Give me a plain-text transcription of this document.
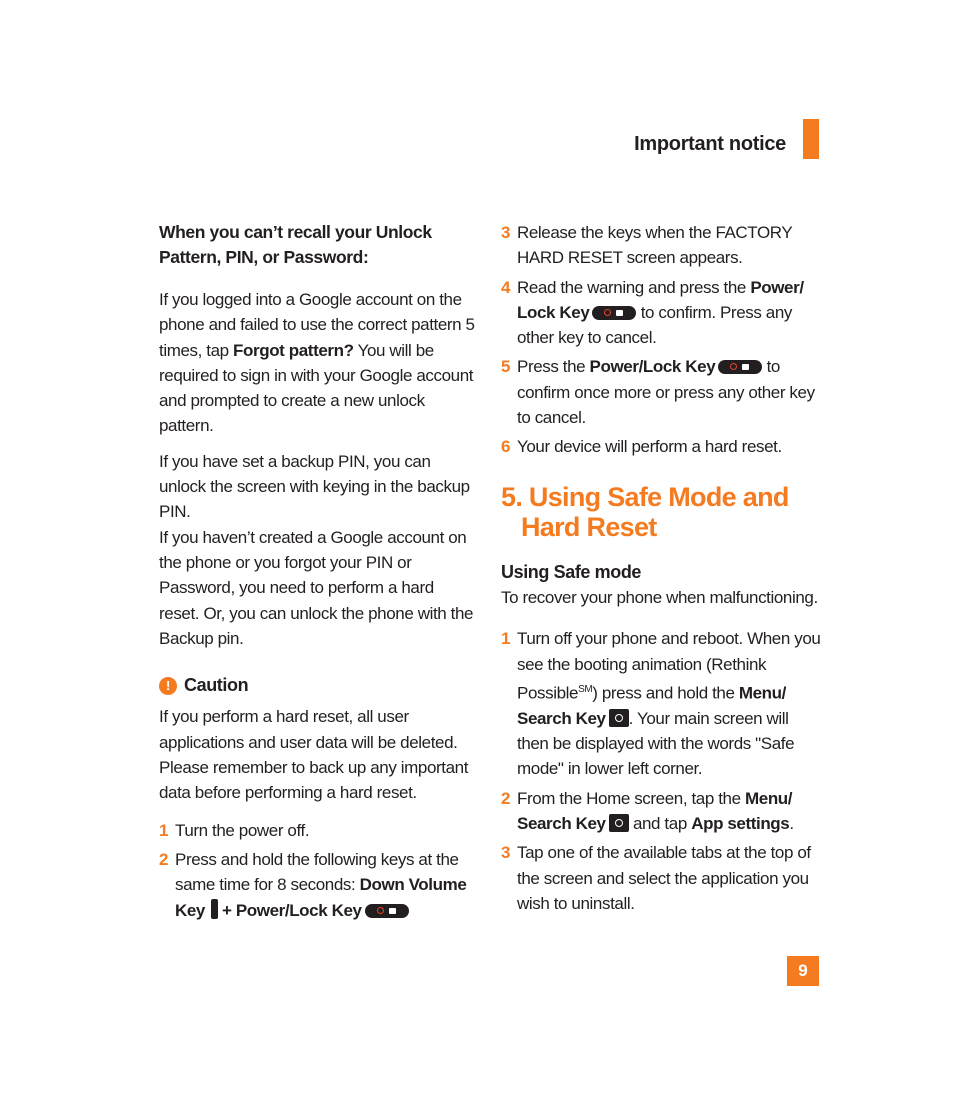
Important notice

When you can’t recall your Unlock Pattern, PIN, or Password:

If you logged into a Google account on the phone and failed to use the correct pattern 5 times, tap Forgot pattern? You will be required to sign in with your Google account and prompted to create a new unlock pattern.

If you have set a backup PIN, you can unlock the screen with keying in the backup PIN.

If you haven’t created a Google account on the phone or you forgot your PIN or Password, you need to perform a hard reset. Or, you can unlock the phone with the Backup pin.

! Caution

If you perform a hard reset, all user applications and user data will be deleted. Please remember to back up any important data before performing a hard reset.

1 Turn the power off.
2 Press and hold the following keys at the same time for 8 seconds: Down Volume Key + Power/Lock Key
3 Release the keys when the FACTORY HARD RESET screen appears.
4 Read the warning and press the Power/ Lock Key	to confirm. Press any other key to cancel.
5 Press the Power/Lock Key	to confirm once more or press any other key to cancel.
6 Your device will perform a hard reset.
5. Using Safe Mode and Hard Reset

Using Safe mode

To recover your phone when malfunctioning.

1 Turn off your phone and reboot. When you see the booting animation (Rethink Possible℠) press and hold the Menu/ Search Key . Your main screen will then be displayed with the words "Safe mode" in lower left corner.
2 From the Home screen, tap the Menu/ Search Key and tap App settings.
3 Tap one of the available tabs at the top of the screen and select the application you wish to uninstall.
9
